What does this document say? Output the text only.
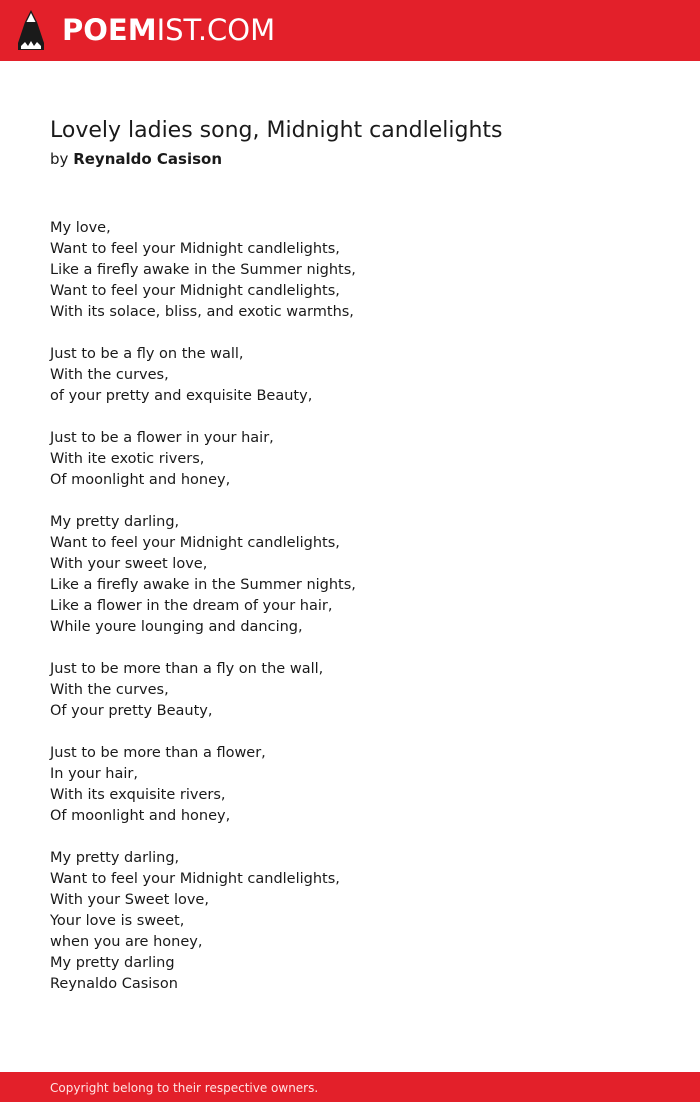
POEMIST.COM
Lovely ladies song, Midnight candlelights
by Reynaldo Casison
My love,
Want to feel your Midnight candlelights,
Like a firefly awake in the Summer nights,
Want to feel your Midnight candlelights,
With its solace, bliss, and exotic warmths,
Just to be a fly on the wall,
With the curves,
of your pretty and exquisite Beauty,
Just to be a flower in your hair,
With ite exotic rivers,
Of moonlight and honey,
My pretty darling,
Want to feel your Midnight candlelights,
With your sweet love,
Like a firefly awake in the Summer nights,
Like a flower in the dream of your hair,
While youre lounging and dancing,
Just to be more than a fly on the wall,
With the curves,
Of your pretty Beauty,
Just to be more than a flower,
In your hair,
With its exquisite rivers,
Of moonlight and honey,
My pretty darling,
Want to feel your Midnight candlelights,
With your Sweet love,
Your love is sweet,
when you are honey,
My pretty darling
Reynaldo Casison
Copyright belong to their respective owners.
